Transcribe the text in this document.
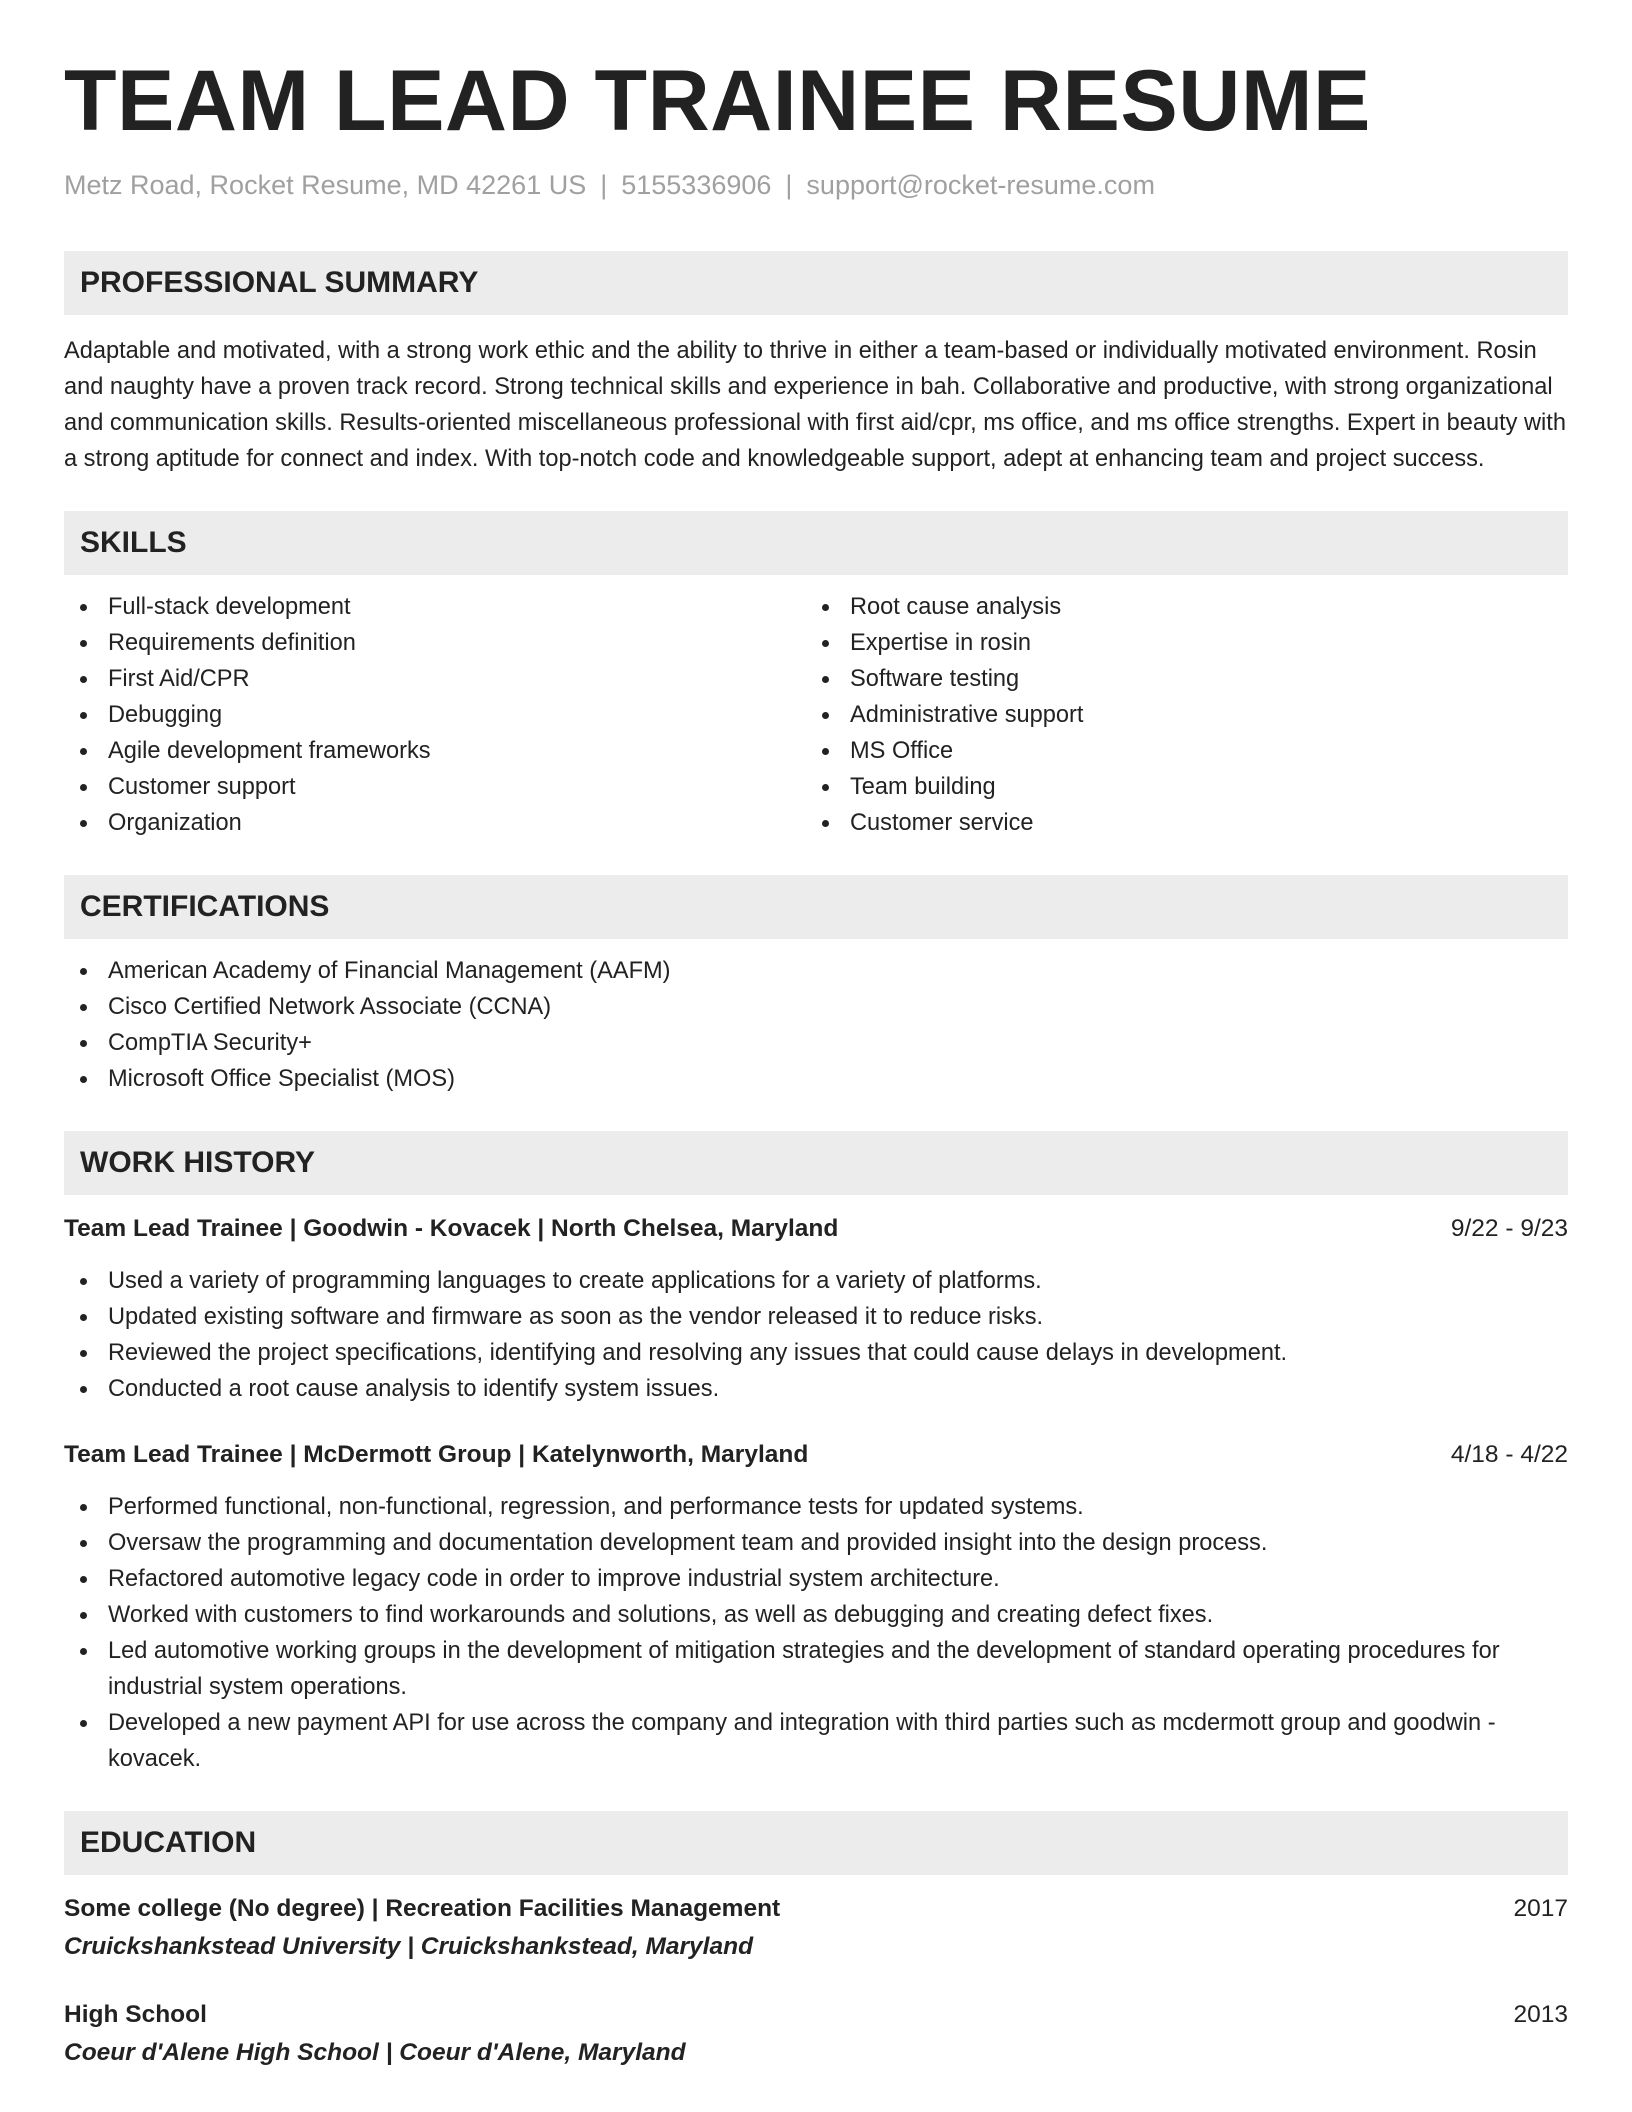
TEAM LEAD TRAINEE RESUME
Metz Road, Rocket Resume, MD 42261 US | 5155336906 | support@rocket-resume.com
PROFESSIONAL SUMMARY
Adaptable and motivated, with a strong work ethic and the ability to thrive in either a team-based or individually motivated environment. Rosin and naughty have a proven track record. Strong technical skills and experience in bah. Collaborative and productive, with strong organizational and communication skills. Results-oriented miscellaneous professional with first aid/cpr, ms office, and ms office strengths. Expert in beauty with a strong aptitude for connect and index. With top-notch code and knowledgeable support, adept at enhancing team and project success.
SKILLS
Full-stack development
Requirements definition
First Aid/CPR
Debugging
Agile development frameworks
Customer support
Organization
Root cause analysis
Expertise in rosin
Software testing
Administrative support
MS Office
Team building
Customer service
CERTIFICATIONS
American Academy of Financial Management (AAFM)
Cisco Certified Network Associate (CCNA)
CompTIA Security+
Microsoft Office Specialist (MOS)
WORK HISTORY
Team Lead Trainee | Goodwin - Kovacek | North Chelsea, Maryland	9/22 - 9/23
Used a variety of programming languages to create applications for a variety of platforms.
Updated existing software and firmware as soon as the vendor released it to reduce risks.
Reviewed the project specifications, identifying and resolving any issues that could cause delays in development.
Conducted a root cause analysis to identify system issues.
Team Lead Trainee | McDermott Group | Katelynworth, Maryland	4/18 - 4/22
Performed functional, non-functional, regression, and performance tests for updated systems.
Oversaw the programming and documentation development team and provided insight into the design process.
Refactored automotive legacy code in order to improve industrial system architecture.
Worked with customers to find workarounds and solutions, as well as debugging and creating defect fixes.
Led automotive working groups in the development of mitigation strategies and the development of standard operating procedures for industrial system operations.
Developed a new payment API for use across the company and integration with third parties such as mcdermott group and goodwin - kovacek.
EDUCATION
Some college (No degree) | Recreation Facilities Management	2017
Cruickshankstead University | Cruickshankstead, Maryland
High School	2013
Coeur d'Alene High School | Coeur d'Alene, Maryland
